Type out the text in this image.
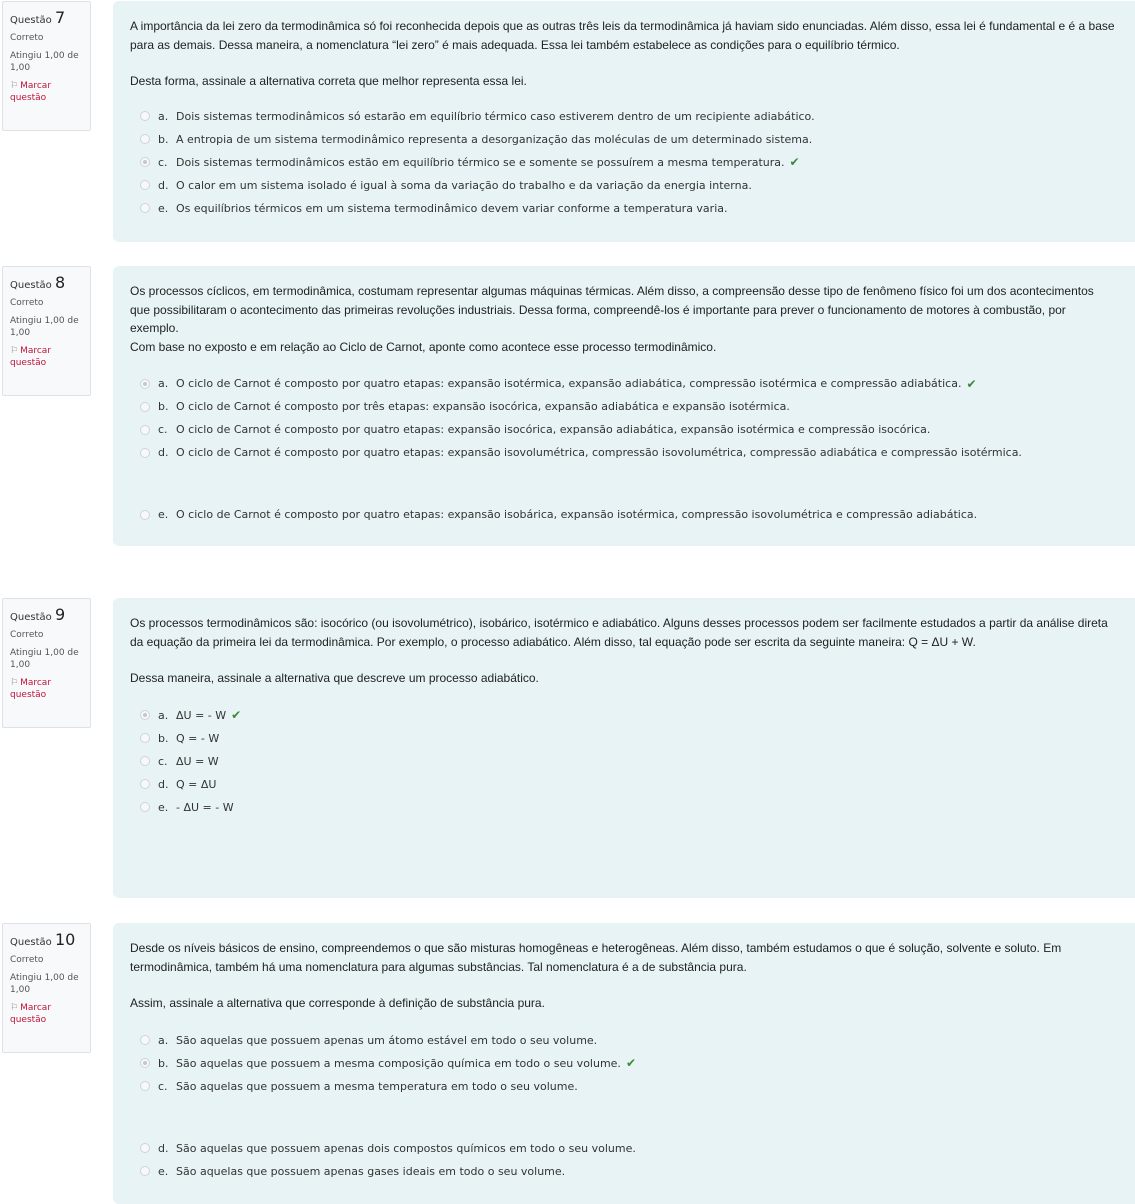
Questão 7
Correto
Atingiu 1,00 de
1,00
⚐ Marcar
questão

A importância da lei zero da termodinâmica só foi reconhecida depois que as outras três leis da termodinâmica já haviam sido enunciadas. Além disso, essa lei é fundamental e é a base para as demais. Dessa maneira, a nomenclatura “lei zero” é mais adequada. Essa lei também estabelece as condições para o equilíbrio térmico.

Desta forma, assinale a alternativa correta que melhor representa essa lei.

a. Dois sistemas termodinâmicos só estarão em equilíbrio térmico caso estiverem dentro de um recipiente adiabático.
b. A entropia de um sistema termodinâmico representa a desorganização das moléculas de um determinado sistema.
c. Dois sistemas termodinâmicos estão em equilíbrio térmico se e somente se possuírem a mesma temperatura. ✔
d. O calor em um sistema isolado é igual à soma da variação do trabalho e da variação da energia interna.
e. Os equilíbrios térmicos em um sistema termodinâmico devem variar conforme a temperatura varia.
Questão 8
Correto
Atingiu 1,00 de
1,00
⚐ Marcar
questão

Os processos cíclicos, em termodinâmica, costumam representar algumas máquinas térmicas. Além disso, a compreensão desse tipo de fenômeno físico foi um dos acontecimentos que possibilitaram o acontecimento das primeiras revoluções industriais. Dessa forma, compreendê-los é importante para prever o funcionamento de motores à combustão, por exemplo.

Com base no exposto e em relação ao Ciclo de Carnot, aponte como acontece esse processo termodinâmico.

a. O ciclo de Carnot é composto por quatro etapas: expansão isotérmica, expansão adiabática, compressão isotérmica e compressão adiabática. ✔
b. O ciclo de Carnot é composto por três etapas: expansão isocórica, expansão adiabática e expansão isotérmica.
c. O ciclo de Carnot é composto por quatro etapas: expansão isocórica, expansão adiabática, expansão isotérmica e compressão isocórica.
d. O ciclo de Carnot é composto por quatro etapas: expansão isovolumétrica, compressão isovolumétrica, compressão adiabática e compressão isotérmica.
e. O ciclo de Carnot é composto por quatro etapas: expansão isobárica, expansão isotérmica, compressão isovolumétrica e compressão adiabática.
Questão 9
Correto
Atingiu 1,00 de
1,00
⚐ Marcar
questão

Os processos termodinâmicos são: isocórico (ou isovolumétrico), isobárico, isotérmico e adiabático. Alguns desses processos podem ser facilmente estudados a partir da análise direta da equação da primeira lei da termodinâmica. Por exemplo, o processo adiabático. Além disso, tal equação pode ser escrita da seguinte maneira: Q = ΔU + W.

Dessa maneira, assinale a alternativa que descreve um processo adiabático.

a. ΔU = - W ✔
b. Q = - W
c. ΔU = W
d. Q = ΔU
e. - ΔU = - W
Questão 10
Correto
Atingiu 1,00 de
1,00
⚐ Marcar
questão

Desde os níveis básicos de ensino, compreendemos o que são misturas homogêneas e heterogêneas. Além disso, também estudamos o que é solução, solvente e soluto. Em termodinâmica, também há uma nomenclatura para algumas substâncias. Tal nomenclatura é a de substância pura.

Assim, assinale a alternativa que corresponde à definição de substância pura.

a. São aquelas que possuem apenas um átomo estável em todo o seu volume.
b. São aquelas que possuem a mesma composição química em todo o seu volume. ✔
c. São aquelas que possuem a mesma temperatura em todo o seu volume.
d. São aquelas que possuem apenas dois compostos químicos em todo o seu volume.
e. São aquelas que possuem apenas gases ideais em todo o seu volume.
